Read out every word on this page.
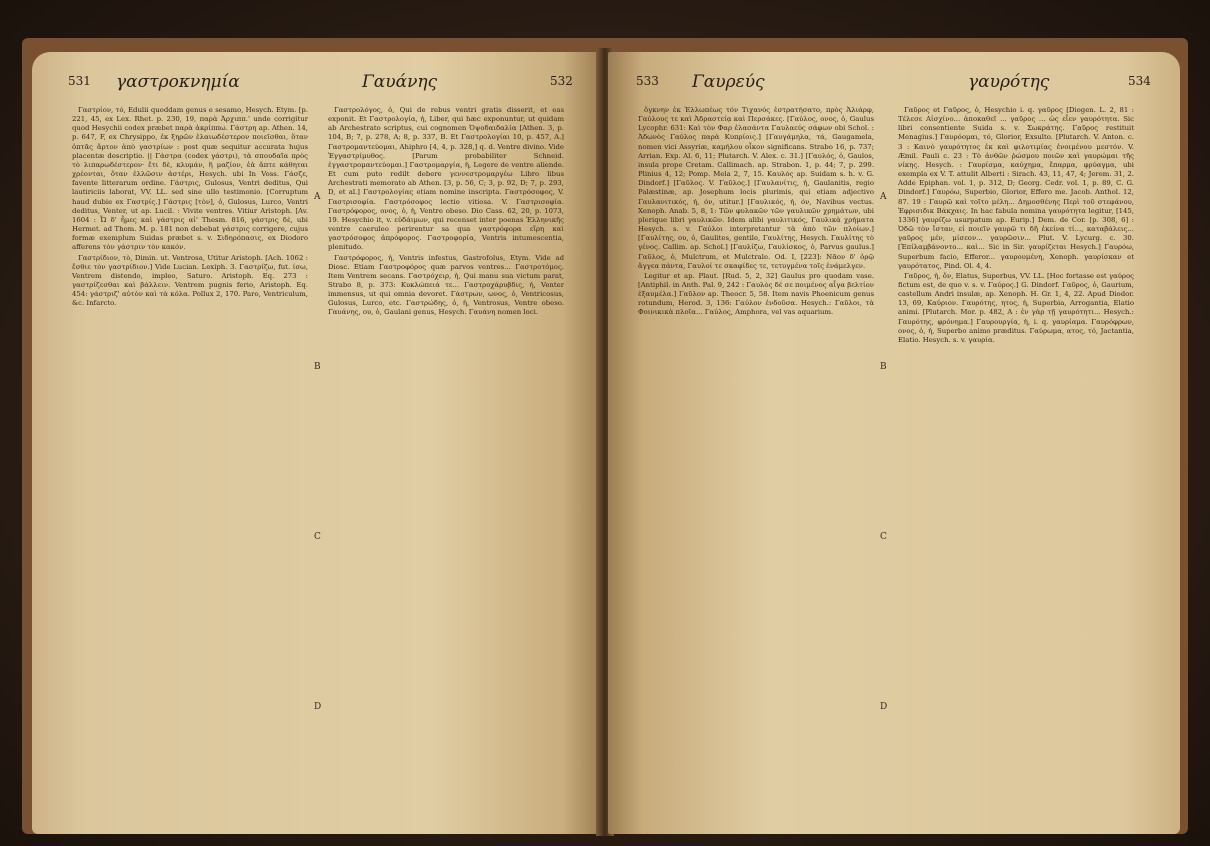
531 γαστροκνημία	Γαυάνης	532

Γαστρίον, τό, Edulii quoddam genus e sesamo, Hesych. Etym. [p. 221, 45, ex Lex. Rhet. p. 230, 19, παρὰ Ἀρχιππ.' unde corrigitur quod Hesychii codex præbet παρὰ ἀκρίππω. Γάστρη ap. Athen. 14, p. 647, F, ex Chrysippo, ἐκ ξηρῶν ἐλαιωδέστερον ποιεῖσθαι, ὅταν ὀπτᾶς ἄρτον ἀπὸ γαστρίων : post quæ sequitur accurata hujus placentæ descriptio. || Γάστρα (codex γάστρι), τὰ σπουδαῖα πρὸς τὸ λιπαρωδέστερον· ἔτι δὲ, κλυμάν, ἢ μαζίον, ἐὰ ἄπτε κάθηται χρέονται, ὅταν ἐλλῶσιν ἀστέρι, Hesych. ubi In Voss. Γάσζε, favente litterarum ordine. Γάστρις, Gulosus, Ventri deditus, Qui lautiriciis laborat, VV. LL. sed sine ullo testimonio. [Corruptum haud dubie ex Γαστρίς.] Γάστρις [τὸν], ὁ, Gulosus, Lurco, Ventri deditus, Venter, ut ap. Lucil. : Vivite ventres. Vitiur Aristoph. [Av. 1604 : Ὦ δ' ἦμες καὶ γάστρις αἰ' Thesm. 816, γάστρις δὲ, ubi Hermet. ad Thom. M. p. 181 non debebat γάστρις corrigere, cujus formæ exemplum Suidas præbet s. v. Σιδηρόπασις, ex Diodoro afferens τὸν γάστριν τὸν κακόν.

Γαστρίδιον, τὸ, Dimin. ut. Ventrosa, Utitur Aristoph. [Ach. 1062 : ἔσθιε τὸν γαστρίδιον.] Vide Lucian. Lexiph. 3. Γαστρίζω, fut. ίσω, Ventrem distendo, impleo, Saturo. Aristoph. Eq. 273 : γαστρίζεσθαι καὶ βάλλειν. Ventrem pugnis feriο, Aristoph. Eq. 454: γάστριζ' αὐτὸν καὶ τὰ κόλα. Pollux 2, 170. Paro, Ventriculum, &c. Infarcto.

A
B
C
D

Γαστρολόγος, ὁ, Qui de rebus ventri gratis disserit, et eas exponit. Et Γαστρολογία, ἡ, Liber, qui hæc exponuntur, ut quidam ab Archestrato scriptus, cui cognomen Ὀψοδαιδαλία [Athen. 3, p. 104, B; 7, p. 278, A; 8, p. 337, B. Et Γαστρολογίαι 10, p. 457, A.] Γαστρομαντεύομαι, Ahiphro [4, 4, p. 328,] q. d. Ventre divino. Vide Ἐγγαστρίμυθος. [Parum probabiliter Schneid. ἐγγαστρομαντεύομαι.] Γαστρομαργία, ἡ, Legere de ventre aliende. Et cum puto redilt debere γεννεστρομαργέω Libro libus Archestrati memorato ab Athen. [3, p. 56, C; 3, p. 92, D; 7, p. 293, D, et al.] Γαστρολογίας etiam nomine inscripta. Γαστρόσοφος, V. Γαστρισοφία. Γαστρόσοφος lectio vitiosa. V. Γαστρισοφία. Γαστρόφορος, ονος, ὁ, ἡ, Ventre obeso. Dio Cass. 62, 20, p. 1073, 19. Hesychio it, v. εὐδάιμων, qui recenset inter poenas Ἑλληνικῆς ventre caeruleo perirentur sa qua γαστρόφορα εἴρη καὶ γαστρόσοφος ἀπρόφορος. Γαστροφορία, Ventris intumescentia, plenitudo.

Γαστρόφορος, ἡ, Ventris infestus, Gastrofolus, Etym. Vide ad Diosc. Etiam Γαστροφόρος quæ parvos ventres... Γαστροτόμος. Item Ventrem secans. Γαστρόχειρ, ἡ, Qui manu sua victum parat, Strabo 8, p. 373: Κυκλώπειά τε... Γαστροχάρυβδις, ἡ, Venter immensus, ut qui omnia devoret. Γάστρων, ωνος, ὁ, Ventricosus, Gulosus, Lurco, etc. Γαστρώδης, ὁ, ἡ, Ventrosus, Ventre obeso. Γαυάνης, ου, ὁ, Gaulani genus, Hesych. Γαυάνη nomen loci.

533 Γαυρεύς	γαυρότης	534

ὄγκνην ἐκ Ἐλλωπέως τόν Τιχανός ἐστρατήσατο, πρὸς Ἀλιάρφ, Γαύλους τε καὶ Ἀδραστείᾳ καὶ Περσάκες. [Γαύλος, ονος, ὁ, Gaulus Lycophr. 631: Καὶ τὸν Φαρ ἐλασάντα Γαυλαεύς σάφων obi Schol. : Ἀδωνὸς Γαύλος παρὰ Κυπρίοις.] [Γαυγάμηλα, τά, Gaugamela, nomen vici Assyriæ, καμήλου οἶκον significans. Strabo 16, p. 737; Arrian. Exp. Al. 6, 11; Plutarch. V. Alex. c. 31.] [Γαυλός, ὁ, Gaulos, insula prope Cretam. Callimach. ap. Strabon. 1, p. 44; 7, p. 299. Plinius 4, 12; Pomp. Mela 2, 7, 15. Καυλός ap. Suidam s. h. v. G. Dindorf.] [Γαῦλος. V. Γαῦλος.] [Γαυλανίτις, ἡ, Gaulanitis, regio Palæstinæ, ap. Josephum locis plurimis, qui etiam adjectivo Γαυλανιτικός, ή, όν, utitur.] [Γαυλικός, ή, όν, Navibus vectus. Xenoph. Anab. 5, 8, 1: Τῶν φυλακῶν τῶν γαυλικῶν χρημάτων, ubi plerique libri γαυλικῶν. Idem alibi γαυλιτικός, Γαυλικὰ χρήματα Hesych. s. v. Γαύλοι interpretantur τὰ ἀπὸ τῶν πλοίων.] [Γαυλίτης, ου, ὁ, Gaulites, gentile, Γαυλίτης, Hesych. Γαυλίτης τὸ γένος. Callim. ap. Schol.] [Γαυλίζω, Γαυλίσκος, ὁ, Parvus gaulus.] Γαῦλος, ὁ, Mulctrum, et Mulctrale. Od. I, [223]: Νᾶον δ' ὀρῷ ἄγγεα πάντα, Γαυλοί τε σκαφίδες τε, τετυγμένα τοῖς ἐνάμελγεν.

Legitur et ap. Plaut. [Rud. 5, 2, 32] Gaulus pro quodam vase. [Antiphil. in Anth. Pal. 9, 242 : Γαυλὸς δέ σε ποιμένος αἶγα βελτίον ἐξαυμέλα.] Γαῦλον ap. Theocr. 5, 58. Item navis Phoenicum genus rotundum, Herod. 3, 136: Γαύλον ἐνδοῦσα. Hesych.: Γαῦλοι, τὰ Φοινικικὰ πλοῖα... Γαύλος, Amphora, vel vas aquarium.

A
B
C
D

Γαῦρος et Γαῦρος, ὁ, Hesychio i. q. γαῦρος [Diogen. L. 2, 81 : Τέλεσε Αἰσχίνο... ἀποκαθεῖ ... γαῦρος ... ὡς εἶεν γαυρότητα. Sic libri consentiente Suida s. v. Σωκράτης. Γαῦρος restituit Menagius.] Γαυρόομαι, τό, Glorior, Exsulto. [Plutarch. V. Anton. c. 3 : Καινὸ γαυρότητος ἐκ καὶ φιλοτιμίας ἐνοιμένου μεστόν. V. Æmil. Pauli c. 23 : Τὸ ἀνθῶν ῥώσμου ποιῶν καὶ γαυρώμαι τῆς νίκης. Hesych. : Γαυρίσμα, καύχημα, ἔπαρμα, φρύαγμα, ubi exempla ex V. T. attulit Alberti : Sirach. 43, 11, 47, 4; Jerem. 31, 2. Adde Epiphan. vol. 1, p. 312, D; Georg. Cedr. vol. 1, p. 89, C. G. Dindorf.] Γαυρόω, Superbio, Glorior, Effero me. Jacob. Anthol. 12, 87. 19 : Γαυρῶ καὶ τοῖτο μέλη... Δημοσθένης Περὶ τοῦ στεφάνου, Ἐφρισιδικ Βάκχαις. In hac fabula nomina γαυρότητα legitur, [145, 1336] γαυρίζω usurpatum ap. Eurip.] Dem. de Cor. [p. 308, 6] : Ὁδῶ τὸν ἴσταν, εἰ ποιεῖν γαυρῶ τι δῆ ἐκείνα τί..., καταβάλεις... γαῦρος μέν, μίσεον... γαυρῶσιν... Plut. V. Lycurg. c. 30. [Ἐπίλαμβάνοντο... καὶ... Sic in Sir. γαυρίζεται Hesych.] Γαυρόω, Superbum facio, Efferor... γαυρουμένη, Xenoph. γαυρίσκαν et γαυρότατος, Pind. Ol. 4, 4.

Γαῦρος, ἡ, ὄν, Elatus, Superbus, VV. LL. [Hoc fortasse est γαύρος fictum est, de quo v. s. v. Γαύρος.] G. Dindorf. Γαῦρος, ὁ, Gaurium, castellum Andri insulæ, ap. Xenoph. H. Gr. 1, 4, 22. Apud Diodor. 13, 69, Καύριον. Γαυρότης, ητος, ἡ, Superbia, Arrogantia, Elatio animi. [Plutarch. Mor. p. 482, A : ἐν γὰρ τῇ γαυρότητι... Hesych.: Γαυρότης, φρόνημα.] Γαυρουργία, ἡ, i. q. γαυρίαμα. Γαυρόφρων, ονος, ὁ, ἡ, Superbo animo præditus. Γαύρωμα, ατος, τό, Jactantia, Elatio. Hesych. s. v. γαυρία.
